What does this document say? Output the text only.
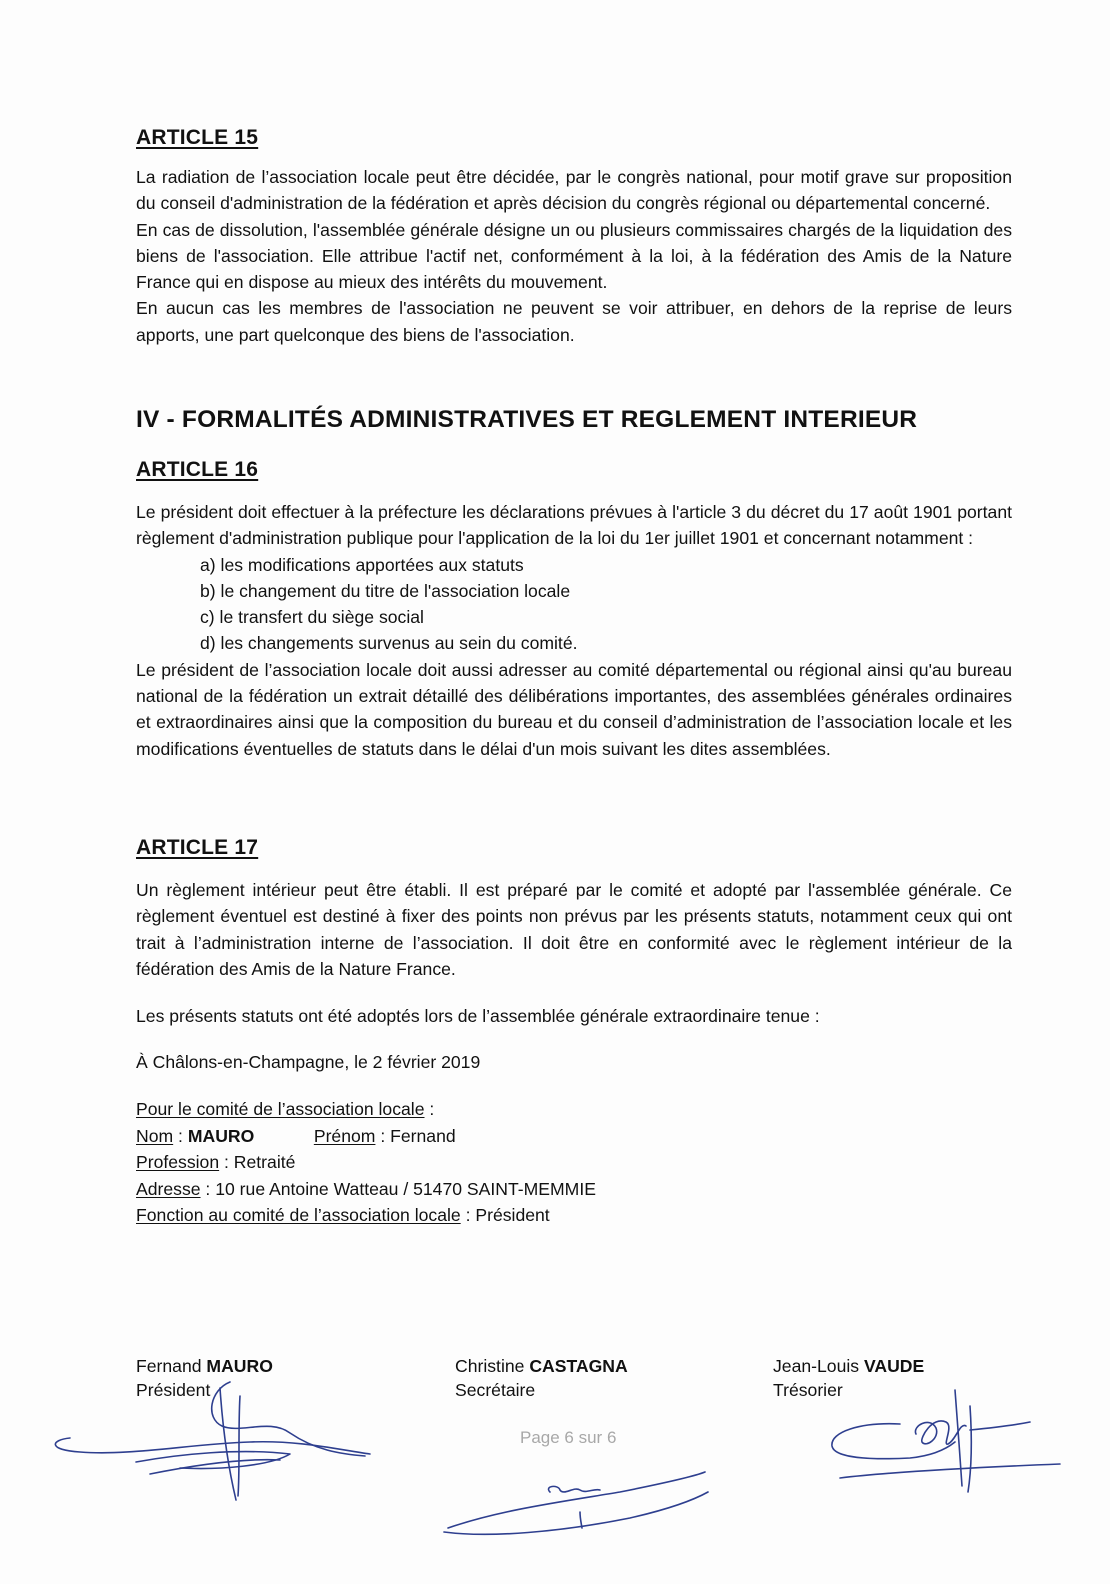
ARTICLE 15

La radiation de l’association locale peut être décidée, par le congrès national, pour motif grave sur proposition du conseil d'administration de la fédération et après décision du congrès régional ou départemental concerné.

En cas de dissolution, l'assemblée générale désigne un ou plusieurs commissaires chargés de la liquidation des biens de l'association. Elle attribue l'actif net, conformément à la loi, à la fédération des Amis de la Nature France qui en dispose au mieux des intérêts du mouvement.

En aucun cas les membres de l'association ne peuvent se voir attribuer, en dehors de la reprise de leurs apports, une part quelconque des biens de l'association.

IV - FORMALITÉS ADMINISTRATIVES ET REGLEMENT INTERIEUR
ARTICLE 16

Le président doit effectuer à la préfecture les déclarations prévues à l'article 3 du décret du 17 août 1901 portant règlement d'administration publique pour l'application de la loi du 1er juillet 1901 et concernant notamment :

a) les modifications apportées aux statuts
b) le changement du titre de l'association locale
c) le transfert du siège social
d) les changements survenus au sein du comité.

Le président de l’association locale doit aussi adresser au comité départemental ou régional ainsi qu'au bureau national de la fédération un extrait détaillé des délibérations importantes, des assemblées générales ordinaires et extraordinaires ainsi que la composition du bureau et du conseil d’administration de l’association locale et les modifications éventuelles de statuts dans le délai d'un mois suivant les dites assemblées.

ARTICLE 17

Un règlement intérieur peut être établi. Il est préparé par le comité et adopté par l'assemblée générale. Ce règlement éventuel est destiné à fixer des points non prévus par les présents statuts, notamment ceux qui ont trait à l’administration interne de l’association. Il doit être en conformité avec le règlement intérieur de la fédération des Amis de la Nature France.

Les présents statuts ont été adoptés lors de l’assemblée générale extraordinaire tenue :
À Châlons-en-Champagne, le 2 février 2019
Pour le comité de l’association locale :
Nom : MAURO	Prénom : Fernand
Profession : Retraité
Adresse : 10 rue Antoine Watteau / 51470 SAINT-MEMMIE
Fonction au comité de l’association locale : Président
Fernand MAURO
Président
Christine CASTAGNA
Secrétaire
Jean-Louis VAUDE
Trésorier
Page 6 sur 6
